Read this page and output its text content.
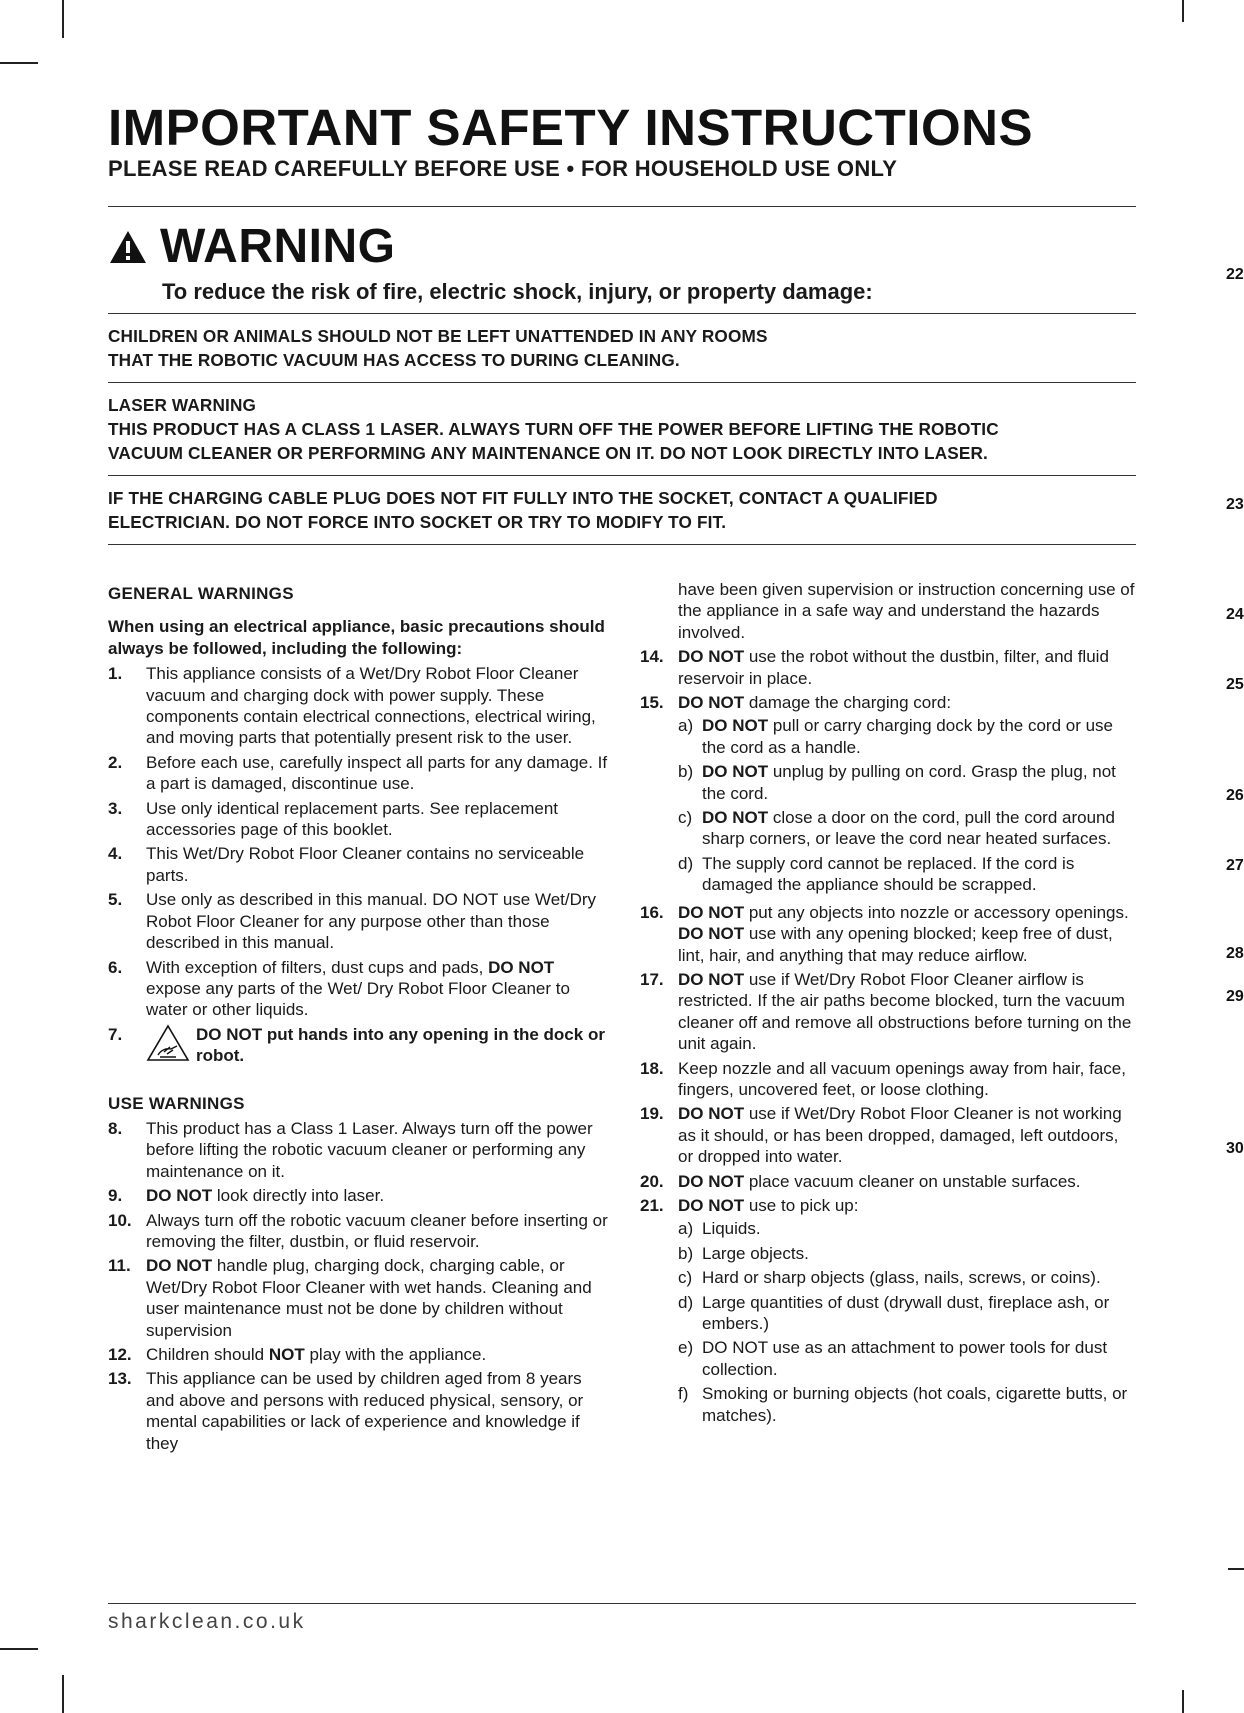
IMPORTANT SAFETY INSTRUCTIONS
PLEASE READ CAREFULLY BEFORE USE • FOR HOUSEHOLD USE ONLY
WARNING
To reduce the risk of fire, electric shock, injury, or property damage:
CHILDREN OR ANIMALS SHOULD NOT BE LEFT UNATTENDED IN ANY ROOMS
THAT THE ROBOTIC VACUUM HAS ACCESS TO DURING CLEANING.
LASER WARNING
THIS PRODUCT HAS A CLASS 1 LASER. ALWAYS TURN OFF THE POWER BEFORE LIFTING THE ROBOTIC
VACUUM CLEANER OR PERFORMING ANY MAINTENANCE ON IT. DO NOT LOOK DIRECTLY INTO LASER.
IF THE CHARGING CABLE PLUG DOES NOT FIT FULLY INTO THE SOCKET, CONTACT A QUALIFIED
ELECTRICIAN. DO NOT FORCE INTO SOCKET OR TRY TO MODIFY TO FIT.
GENERAL WARNINGS
When using an electrical appliance, basic precautions should always be followed, including the following:
1.	This appliance consists of a Wet/Dry Robot Floor Cleaner vacuum and charging dock with power supply. These components contain electrical connections, electrical wiring, and moving parts that potentially present risk to the user.
2.	Before each use, carefully inspect all parts for any damage. If a part is damaged, discontinue use.
3.	Use only identical replacement parts. See replacement accessories page of this booklet.
4.	This Wet/Dry Robot Floor Cleaner contains no serviceable parts.
5.	Use only as described in this manual. DO NOT use Wet/Dry Robot Floor Cleaner for any purpose other than those described in this manual.
6.	With exception of filters, dust cups and pads, DO NOT expose any parts of the Wet/ Dry Robot Floor Cleaner to water or other liquids.
7.	DO NOT put hands into any opening in the dock or robot.
USE WARNINGS
8.	This product has a Class 1 Laser. Always turn off the power before lifting the robotic vacuum cleaner or performing any maintenance on it.
9.	DO NOT look directly into laser.
10. Always turn off the robotic vacuum cleaner before inserting or removing the filter, dustbin, or fluid reservoir.
11. DO NOT handle plug, charging dock, charging cable, or Wet/Dry Robot Floor Cleaner with wet hands. Cleaning and user maintenance must not be done by children without supervision
12. Children should NOT play with the appliance.
13. This appliance can be used by children aged from 8 years and above and persons with reduced physical, sensory, or mental capabilities or lack of experience and knowledge if they
have been given supervision or instruction concerning use of the appliance in a safe way and understand the hazards involved.
14. DO NOT use the robot without the dustbin, filter, and fluid reservoir in place.
15. DO NOT damage the charging cord:
a) DO NOT pull or carry charging dock by the cord or use the cord as a handle.
b) DO NOT unplug by pulling on cord. Grasp the plug, not the cord.
c) DO NOT close a door on the cord, pull the cord around sharp corners, or leave the cord near heated surfaces.
d) The supply cord cannot be replaced. If the cord is damaged the appliance should be scrapped.
16. DO NOT put any objects into nozzle or accessory openings. DO NOT use with any opening blocked; keep free of dust, lint, hair, and anything that may reduce airflow.
17. DO NOT use if Wet/Dry Robot Floor Cleaner airflow is restricted. If the air paths become blocked, turn the vacuum cleaner off and remove all obstructions before turning on the unit again.
18. Keep nozzle and all vacuum openings away from hair, face, fingers, uncovered feet, or loose clothing.
19. DO NOT use if Wet/Dry Robot Floor Cleaner is not working as it should, or has been dropped, damaged, left outdoors, or dropped into water.
20. DO NOT place vacuum cleaner on unstable surfaces.
21. DO NOT use to pick up:
a) Liquids.
b) Large objects.
c) Hard or sharp objects (glass, nails, screws, or coins).
d) Large quantities of dust (drywall dust, fireplace ash, or embers.)
e) DO NOT use as an attachment to power tools for dust collection.
f) Smoking or burning objects (hot coals, cigarette butts, or matches).
22
23
24
25
26
27
28
29
30
sharkclean.co.uk
